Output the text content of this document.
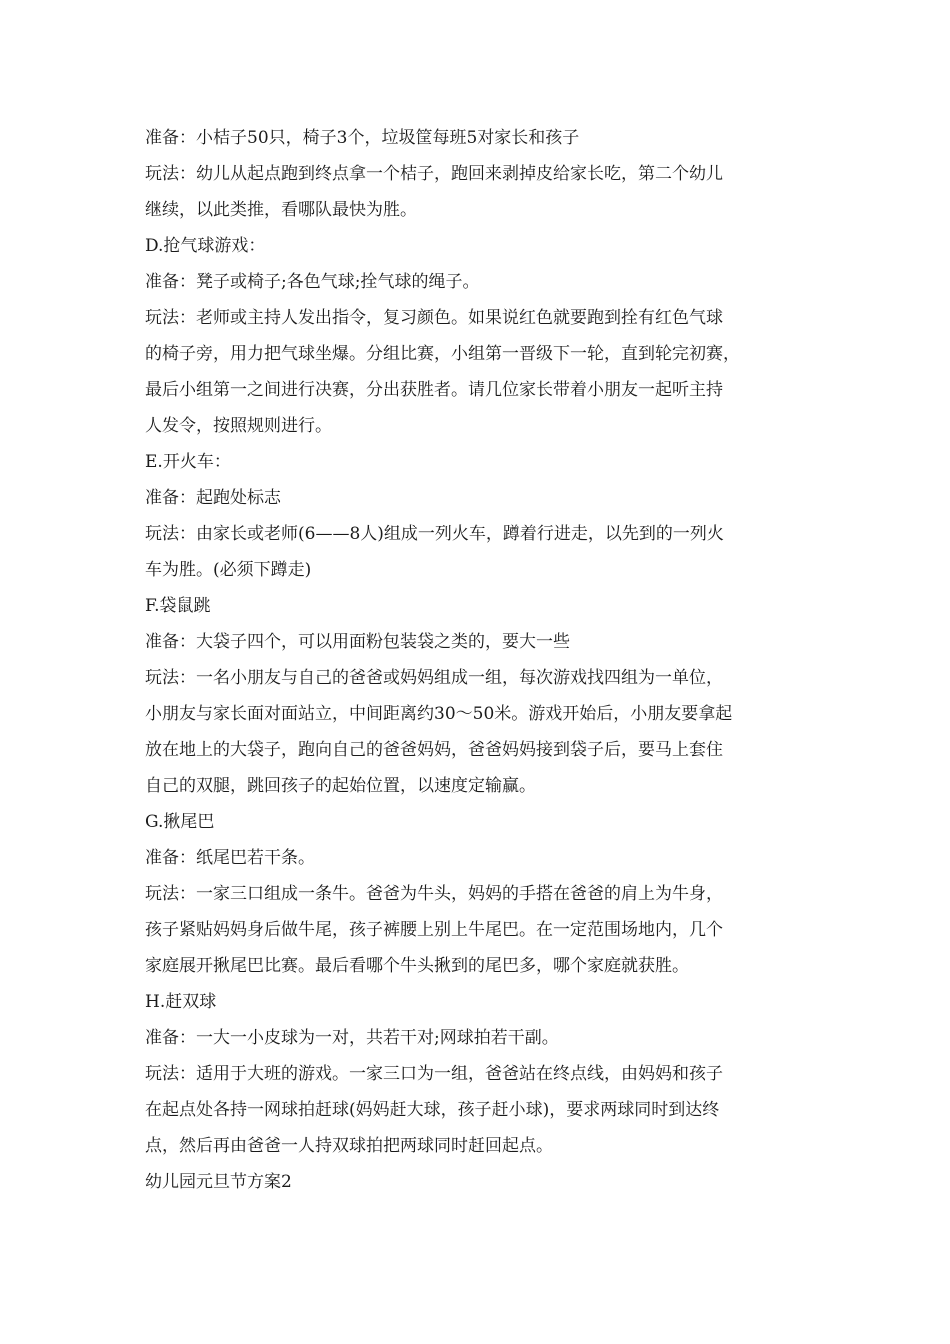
准备：小桔子50只，椅子3个，垃圾筐每班5对家长和孩子
玩法：幼儿从起点跑到终点拿一个桔子，跑回来剥掉皮给家长吃，第二个幼儿
继续，以此类推，看哪队最快为胜。
D.抢气球游戏：
准备：凳子或椅子;各色气球;拴气球的绳子。
玩法：老师或主持人发出指令，复习颜色。如果说红色就要跑到拴有红色气球
的椅子旁，用力把气球坐爆。分组比赛，小组第一晋级下一轮，直到轮完初赛，
最后小组第一之间进行决赛，分出获胜者。请几位家长带着小朋友一起听主持
人发令，按照规则进行。
E.开火车：
准备：起跑处标志
玩法：由家长或老师(6——8人)组成一列火车，蹲着行进走，以先到的一列火
车为胜。(必须下蹲走)
F.袋鼠跳
准备：大袋子四个，可以用面粉包装袋之类的，要大一些
玩法：一名小朋友与自己的爸爸或妈妈组成一组，每次游戏找四组为一单位，
小朋友与家长面对面站立，中间距离约30～50米。游戏开始后，小朋友要拿起
放在地上的大袋子，跑向自己的爸爸妈妈，爸爸妈妈接到袋子后，要马上套住
自己的双腿，跳回孩子的起始位置，以速度定输赢。
G.揪尾巴
准备：纸尾巴若干条。
玩法：一家三口组成一条牛。爸爸为牛头，妈妈的手搭在爸爸的肩上为牛身，
孩子紧贴妈妈身后做牛尾，孩子裤腰上别上牛尾巴。在一定范围场地内，几个
家庭展开揪尾巴比赛。最后看哪个牛头揪到的尾巴多，哪个家庭就获胜。
H.赶双球
准备：一大一小皮球为一对，共若干对;网球拍若干副。
玩法：适用于大班的游戏。一家三口为一组，爸爸站在终点线，由妈妈和孩子
在起点处各持一网球拍赶球(妈妈赶大球，孩子赶小球)，要求两球同时到达终
点，然后再由爸爸一人持双球拍把两球同时赶回起点。
幼儿园元旦节方案2
